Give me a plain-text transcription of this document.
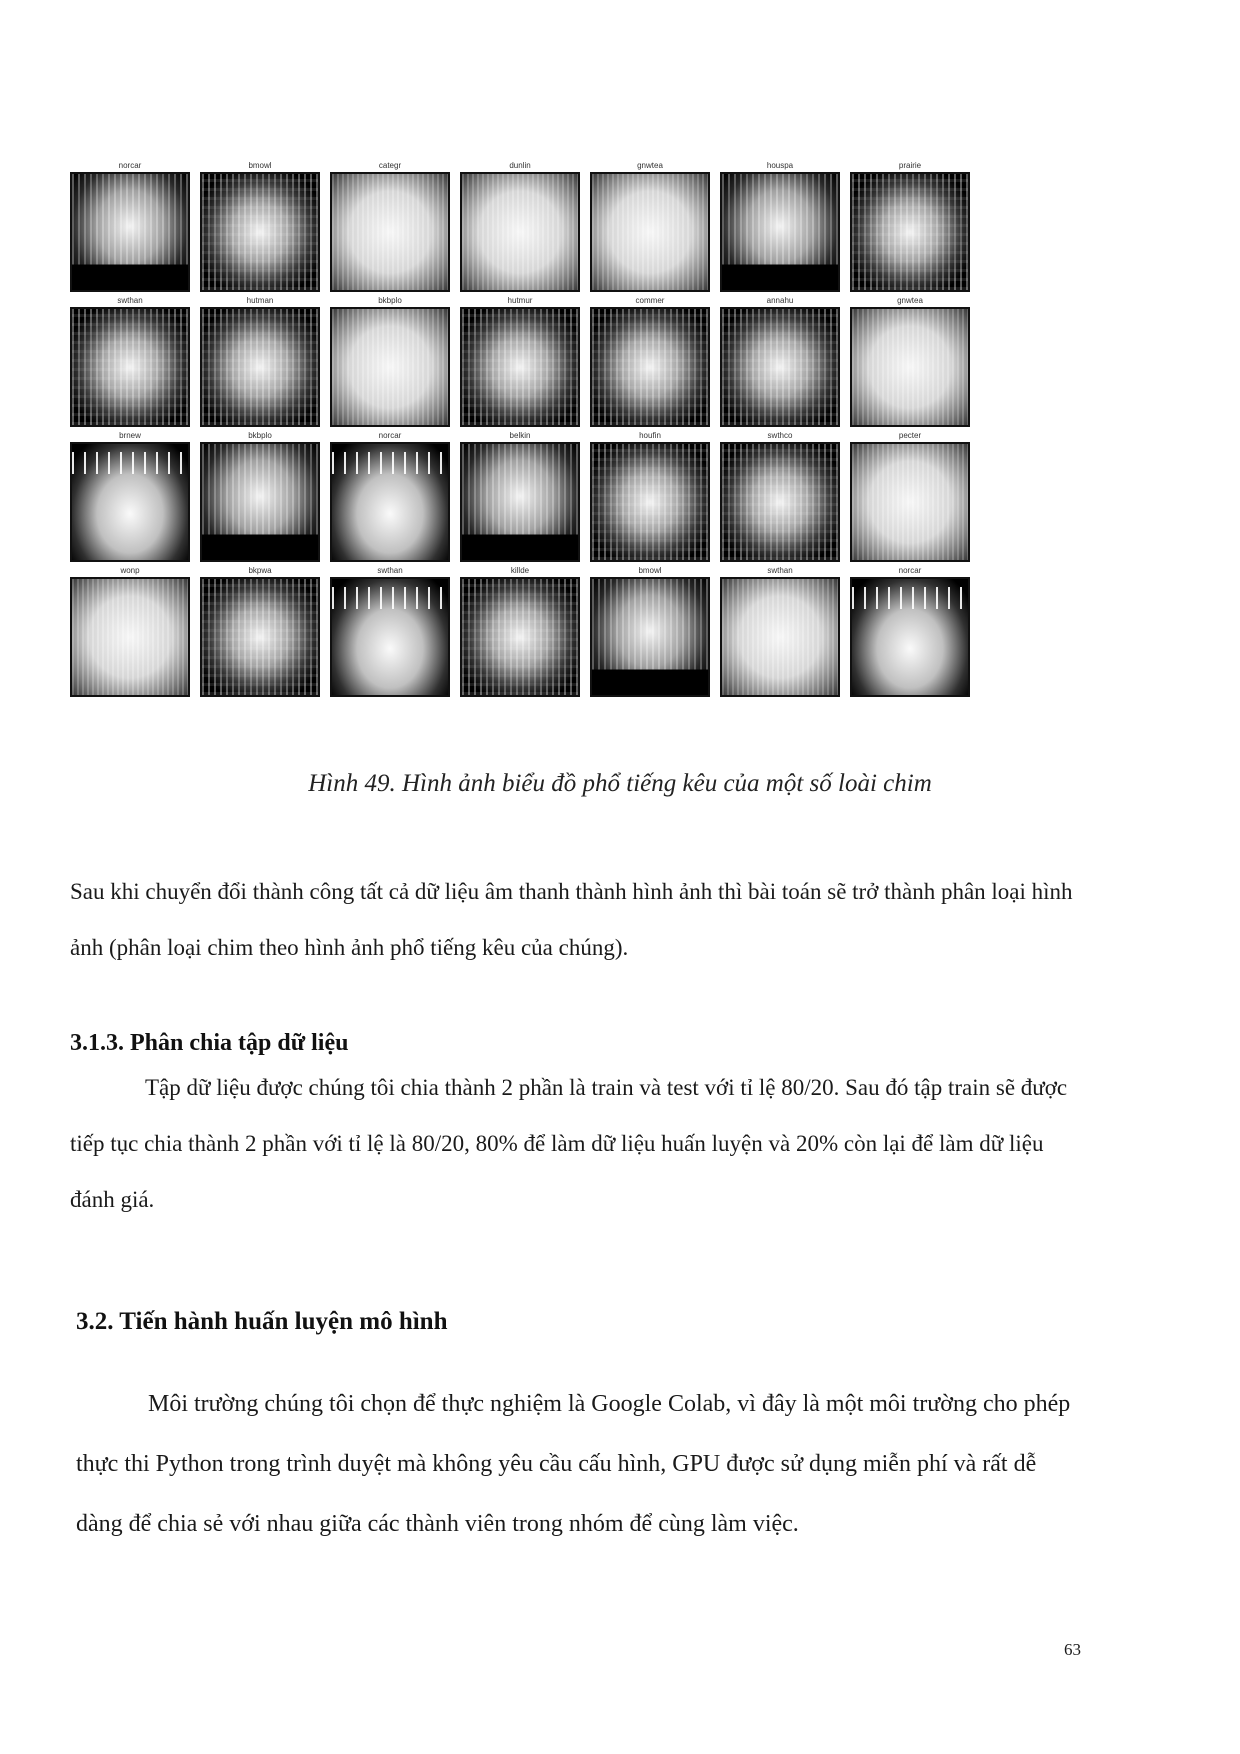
norcar	bmowl	categr	dunlin	gnwtea	houspa	prairie
swthan	hutman	bkbplo	hutmur	commer	annahu	gnwtea
brnew	bkbplo	norcar	belkin	houfin	swthco	pecter
wonp	bkpwa	swthan	killde	bmowl	swthan	norcar
Hình 49. Hình ảnh biểu đồ phổ tiếng kêu của một số loài chim

Sau khi chuyển đổi thành công tất cả dữ liệu âm thanh thành hình ảnh thì bài toán sẽ trở thành phân loại hình ảnh (phân loại chim theo hình ảnh phổ tiếng kêu của chúng).

3.1.3. Phân chia tập dữ liệu

Tập dữ liệu được chúng tôi chia thành 2 phần là train và test với tỉ lệ 80/20. Sau đó tập train sẽ được tiếp tục chia thành 2 phần với tỉ lệ là 80/20, 80% để làm dữ liệu huấn luyện và 20% còn lại để làm dữ liệu đánh giá.

3.2. Tiến hành huấn luyện mô hình

Môi trường chúng tôi chọn để thực nghiệm là Google Colab, vì đây là một môi trường cho phép thực thi Python trong trình duyệt mà không yêu cầu cấu hình, GPU được sử dụng miễn phí và rất dễ dàng để chia sẻ với nhau giữa các thành viên trong nhóm để cùng làm việc.

63
